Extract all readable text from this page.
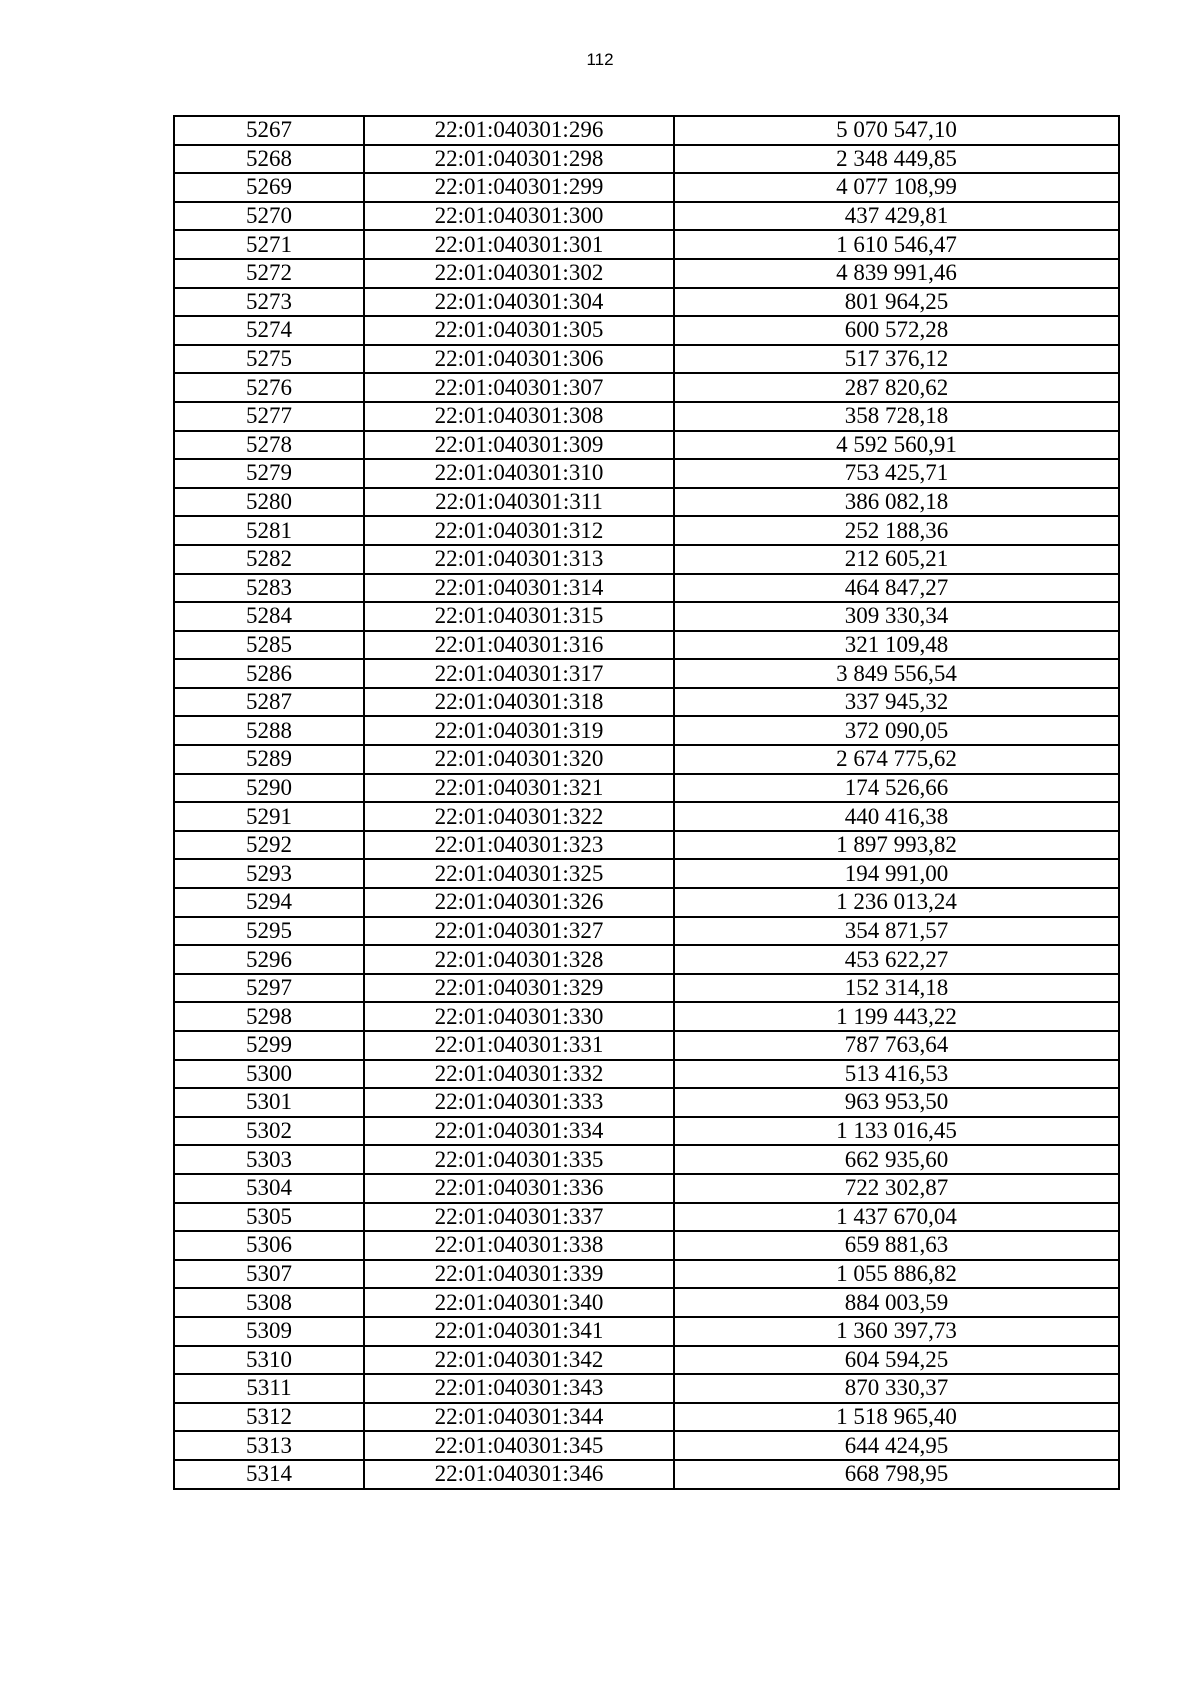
112
5267	22:01:040301:296	5 070 547,10
5268	22:01:040301:298	2 348 449,85
5269	22:01:040301:299	4 077 108,99
5270	22:01:040301:300	437 429,81
5271	22:01:040301:301	1 610 546,47
5272	22:01:040301:302	4 839 991,46
5273	22:01:040301:304	801 964,25
5274	22:01:040301:305	600 572,28
5275	22:01:040301:306	517 376,12
5276	22:01:040301:307	287 820,62
5277	22:01:040301:308	358 728,18
5278	22:01:040301:309	4 592 560,91
5279	22:01:040301:310	753 425,71
5280	22:01:040301:311	386 082,18
5281	22:01:040301:312	252 188,36
5282	22:01:040301:313	212 605,21
5283	22:01:040301:314	464 847,27
5284	22:01:040301:315	309 330,34
5285	22:01:040301:316	321 109,48
5286	22:01:040301:317	3 849 556,54
5287	22:01:040301:318	337 945,32
5288	22:01:040301:319	372 090,05
5289	22:01:040301:320	2 674 775,62
5290	22:01:040301:321	174 526,66
5291	22:01:040301:322	440 416,38
5292	22:01:040301:323	1 897 993,82
5293	22:01:040301:325	194 991,00
5294	22:01:040301:326	1 236 013,24
5295	22:01:040301:327	354 871,57
5296	22:01:040301:328	453 622,27
5297	22:01:040301:329	152 314,18
5298	22:01:040301:330	1 199 443,22
5299	22:01:040301:331	787 763,64
5300	22:01:040301:332	513 416,53
5301	22:01:040301:333	963 953,50
5302	22:01:040301:334	1 133 016,45
5303	22:01:040301:335	662 935,60
5304	22:01:040301:336	722 302,87
5305	22:01:040301:337	1 437 670,04
5306	22:01:040301:338	659 881,63
5307	22:01:040301:339	1 055 886,82
5308	22:01:040301:340	884 003,59
5309	22:01:040301:341	1 360 397,73
5310	22:01:040301:342	604 594,25
5311	22:01:040301:343	870 330,37
5312	22:01:040301:344	1 518 965,40
5313	22:01:040301:345	644 424,95
5314	22:01:040301:346	668 798,95
